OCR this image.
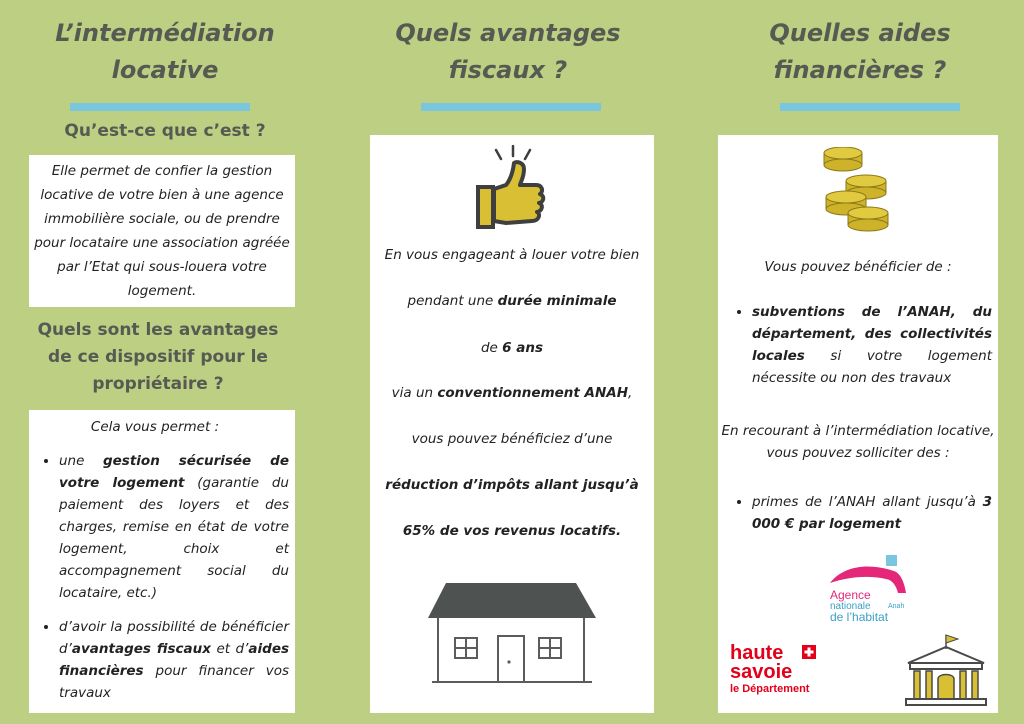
L’intermédiation
locative
Qu’est-ce que c’est ?
Elle permet de confier la gestion
locative de votre bien à une agence
immobilière sociale, ou de prendre
pour locataire une association agréée
par l’Etat qui sous-louera votre
logement.
Quels sont les avantages
de ce dispositif pour le
propriétaire ?
Cela vous permet :
• une gestion sécurisée de votre logement (garantie du paiement des loyers et des charges, remise en état de votre logement, choix et accompagnement social du locataire, etc.)
• d’avoir la possibilité de bénéficier d’avantages fiscaux et d’aides financières pour financer vos travaux
Quels avantages
fiscaux ?
En vous engageant à louer votre bien
pendant une durée minimale
de 6 ans
via un conventionnement ANAH,
vous pouvez bénéficiez d’une
réduction d’impôts allant jusqu’à
65% de vos revenus locatifs.
Quelles aides
financières ?
Vous pouvez bénéficier de :
• subventions de l’ANAH, du département, des collectivités locales si votre logement nécessite ou non des travaux
En recourant à l’intermédiation locative,
vous pouvez solliciter des :
• primes de l’ANAH allant jusqu’à 3 000 € par logement
Agence
nationale Anah
de l’habitat
haute
savoie
le Département
